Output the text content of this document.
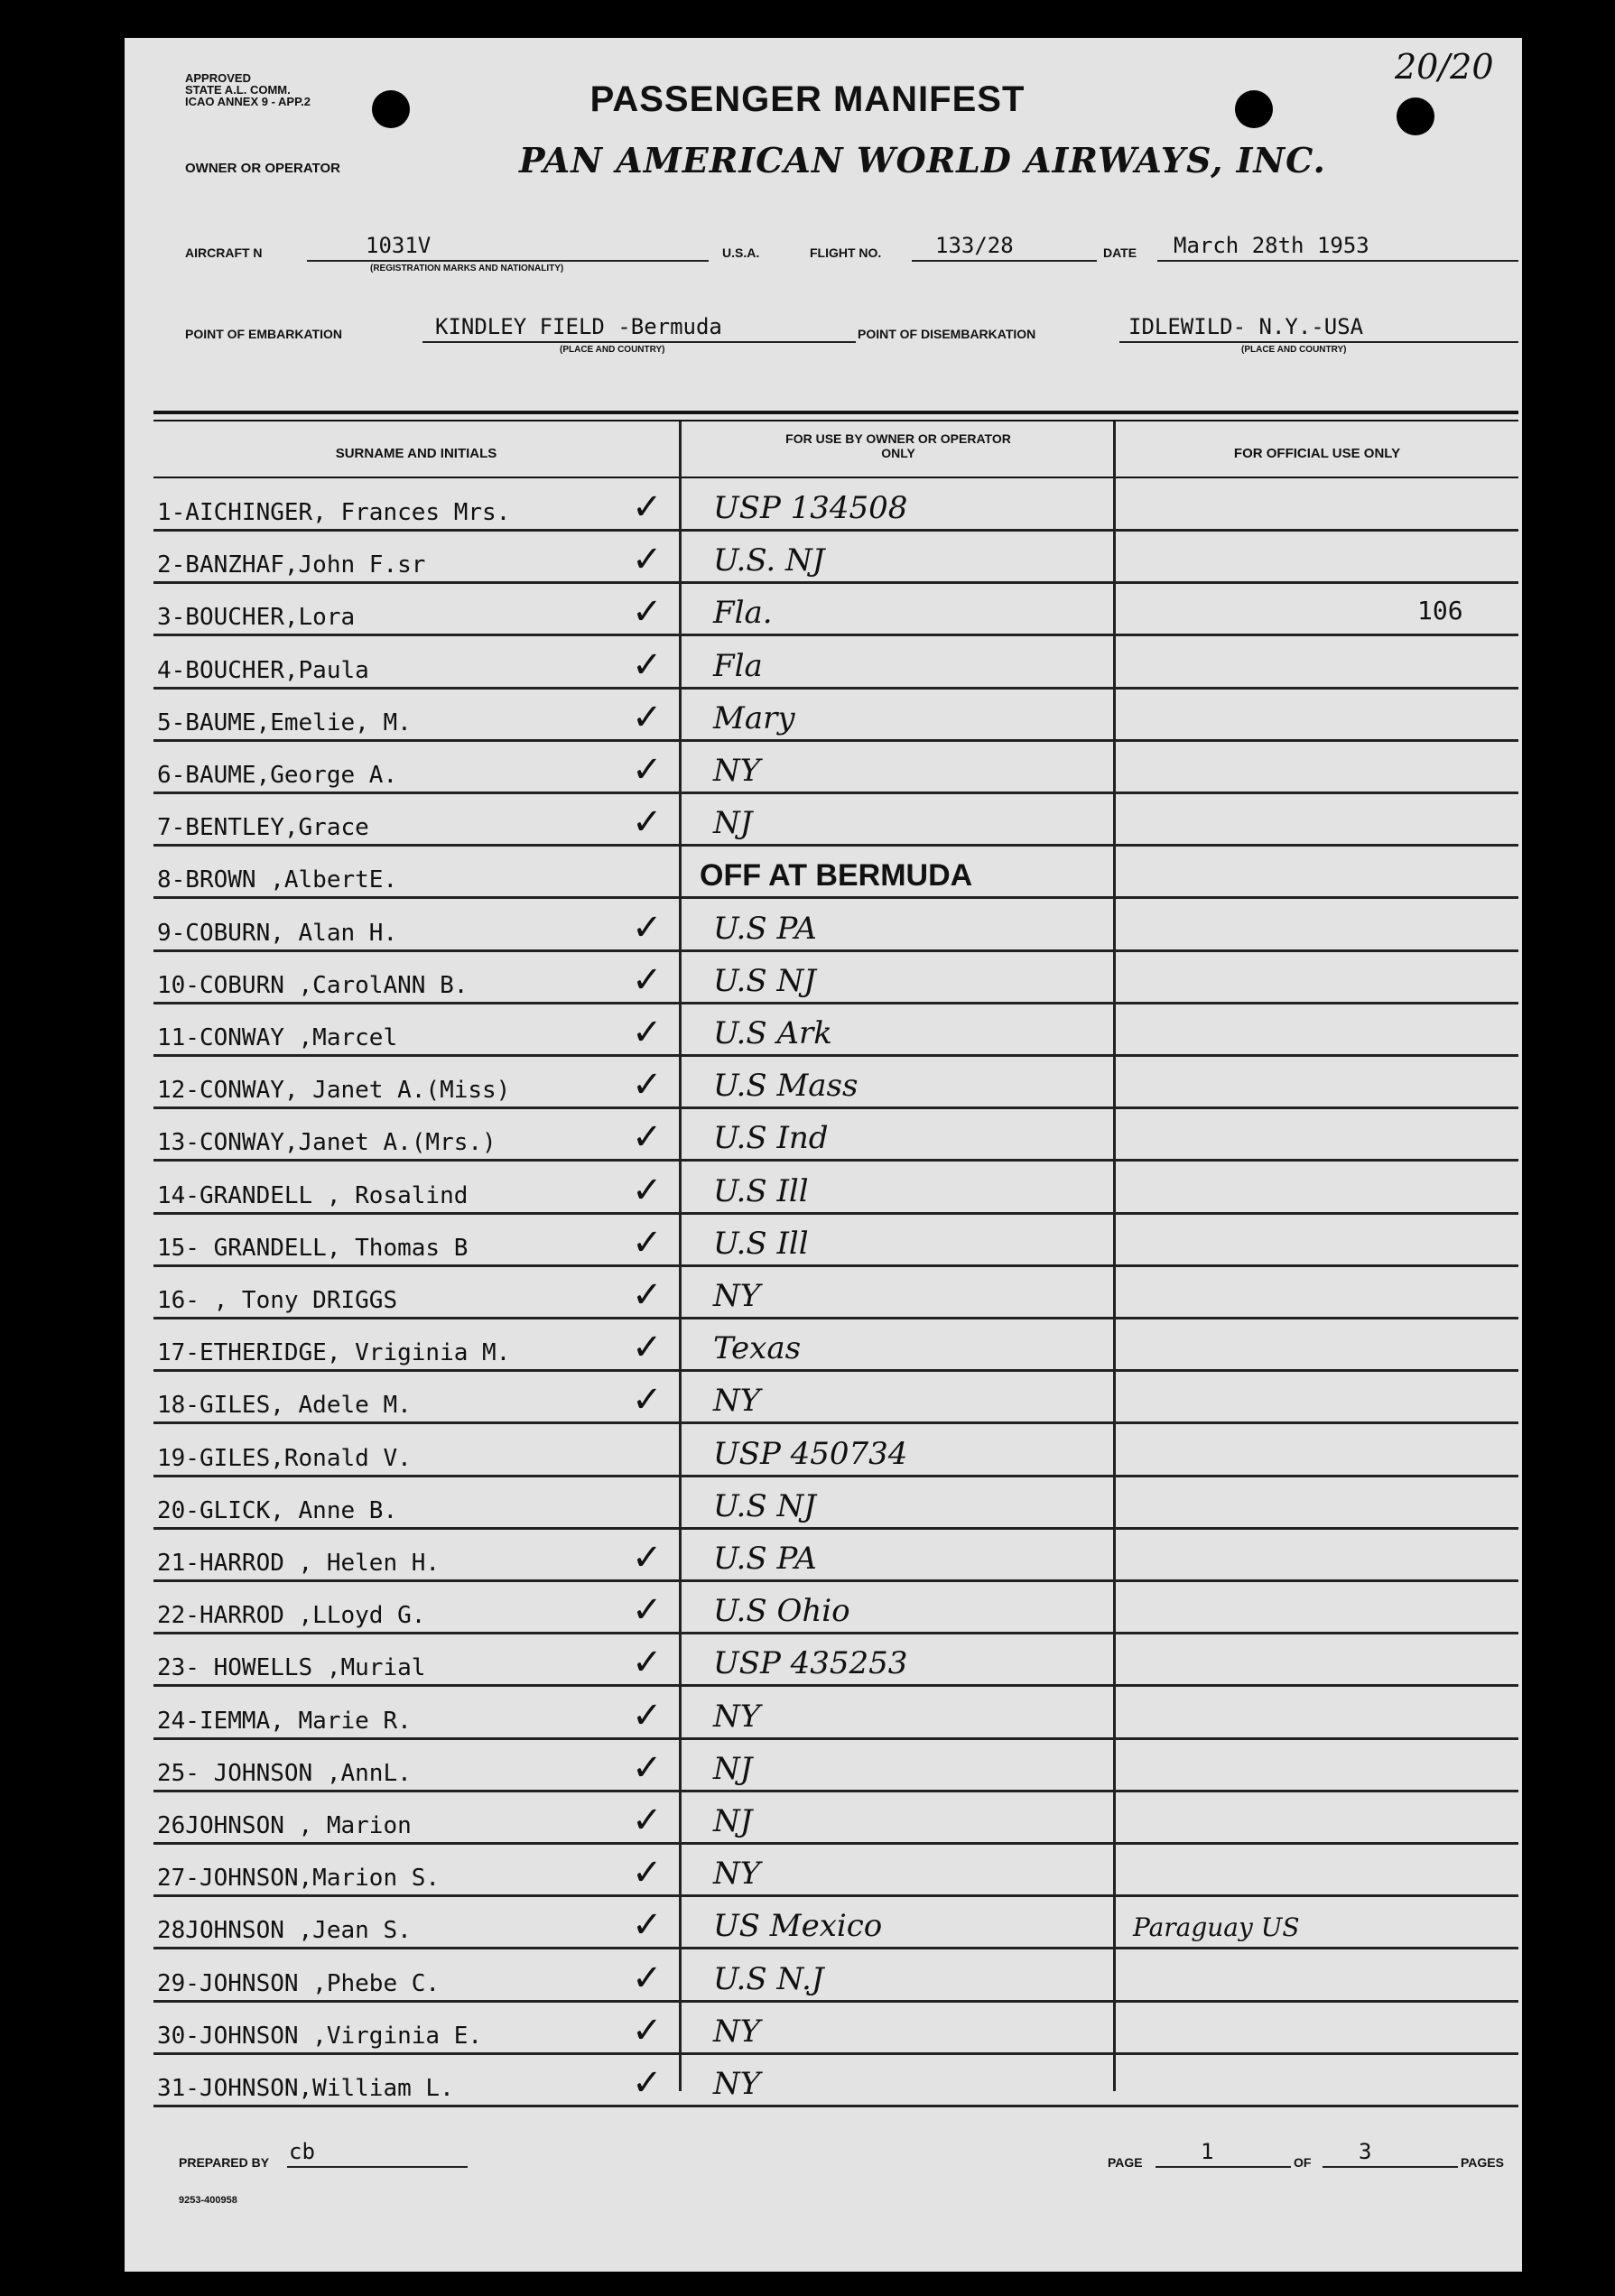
APPROVED
STATE A.L. COMM.
ICAO ANNEX 9 - APP.2	PASSENGER MANIFEST
20/20
OWNER OR OPERATOR	PAN AMERICAN WORLD AIRWAYS, INC.
AIRCRAFT N	1031V
(REGISTRATION MARKS AND NATIONALITY)
U.S.A.	FLIGHT NO. 133/28	DATE March 28th 1953
POINT OF EMBARKATION	KINDLEY FIELD -Bermuda
(PLACE AND COUNTRY)
POINT OF DISEMBARKATION	IDLEWILD- N.Y.-USA
(PLACE AND COUNTRY)
SURNAME AND INITIALS
FOR USE BY OWNER OR OPERATOR ONLY	FOR OFFICIAL USE ONLY
1-AICHINGER, Frances Mrs.	✓ USP 134508
2-BANZHAF,John F.sr	✓ U.S. NJ
3-BOUCHER,Lora	✓ Fla.	106
4-BOUCHER,Paula	✓ Fla
5-BAUME,Emelie, M.	✓ Mary
6-BAUME,George A.	✓ NY
7-BENTLEY,Grace	✓ NJ
8-BROWN ,AlbertE.	OFF AT BERMUDA
9-COBURN, Alan H.	✓ U.S PA
10-COBURN ,CarolANN B.	✓ U.S NJ
11-CONWAY ,Marcel	✓ U.S Ark
12-CONWAY, Janet A.(Miss)	✓ U.S Mass
13-CONWAY,Janet A.(Mrs.)	✓ U.S Ind
14-GRANDELL , Rosalind	✓ U.S Ill
15- GRANDELL, Thomas B	✓ U.S Ill
16- , Tony DRIGGS	✓ NY
17-ETHERIDGE, Vriginia M.	✓ Texas
18-GILES, Adele M.	✓ NY
19-GILES,Ronald V.	USP 450734
20-GLICK, Anne B.	U.S NJ
21-HARROD , Helen H.	✓ U.S PA
22-HARROD ,LLoyd G.	✓ U.S Ohio
23- HOWELLS ,Murial	✓ USP 435253
24-IEMMA, Marie R.	✓ NY
25- JOHNSON ,AnnL.	✓ NJ
26JOHNSON , Marion	✓ NJ
27-JOHNSON,Marion S.	✓ NY
28JOHNSON ,Jean S.	✓ US Mexico	Paraguay US
29-JOHNSON ,Phebe C.	✓ U.S N.J
30-JOHNSON ,Virginia E.	✓ NY
31-JOHNSON,William L.	✓ NY
PREPARED BY cb	PAGE	1	OF 3	PAGES
9253-400958
